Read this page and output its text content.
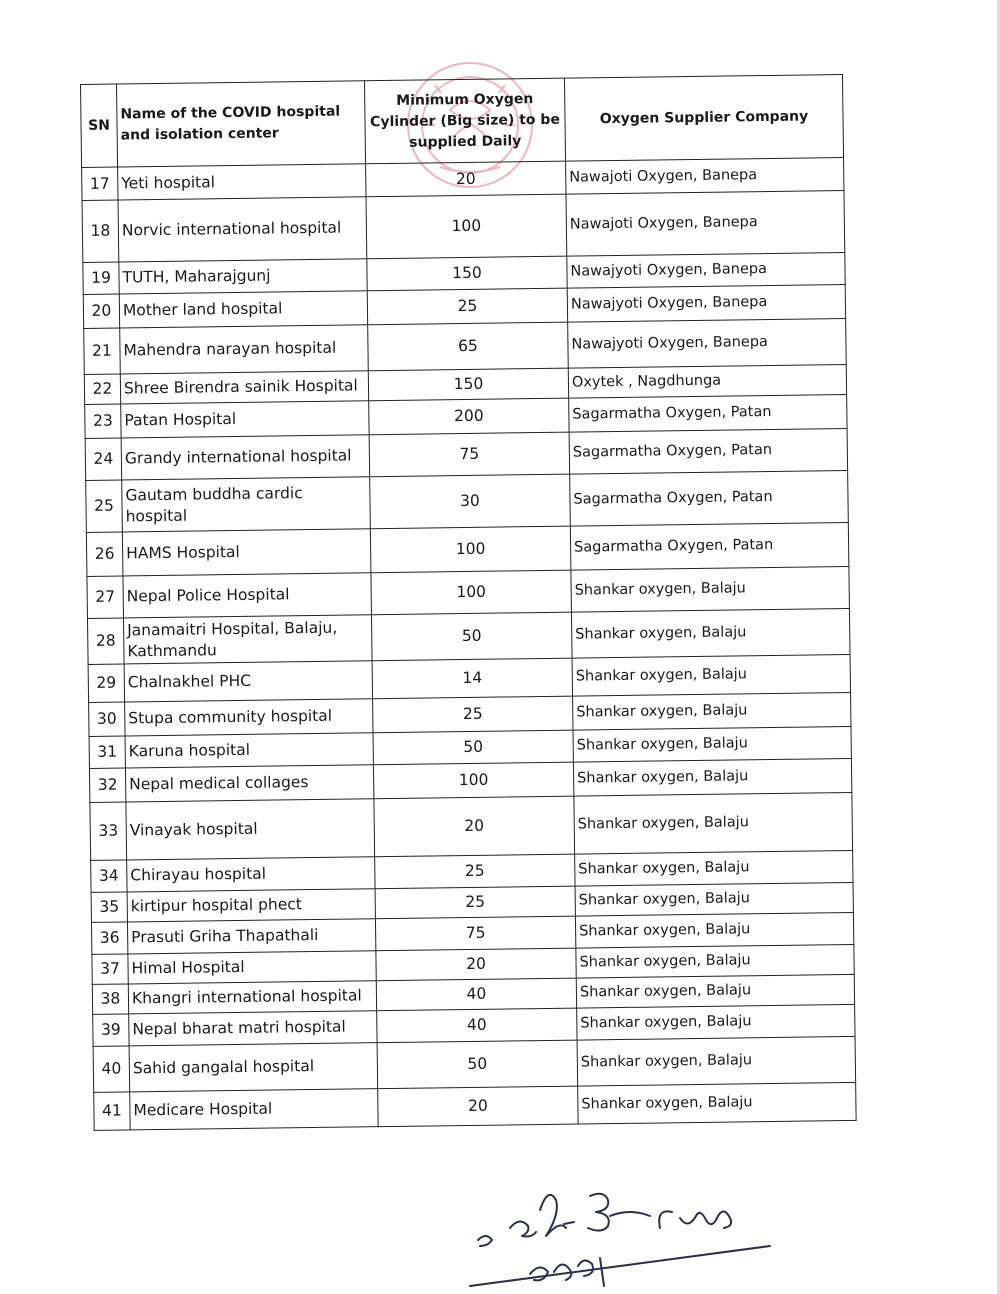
SN	Name of the COVID hospital and isolation center	Minimum Oxygen Cylinder (Big size) to be supplied Daily	Oxygen Supplier Company
17	Yeti hospital	20	Nawajoti Oxygen, Banepa
18	Norvic international hospital	100	Nawajoti Oxygen, Banepa
19	TUTH, Maharajgunj	150	Nawajyoti Oxygen, Banepa
20	Mother land hospital	25	Nawajyoti Oxygen, Banepa
21	Mahendra narayan hospital	65	Nawajyoti Oxygen, Banepa
22	Shree Birendra sainik Hospital	150	Oxytek , Nagdhunga
23	Patan Hospital	200	Sagarmatha Oxygen, Patan
24	Grandy international hospital	75	Sagarmatha Oxygen, Patan
25	Gautam buddha cardic hospital	30	Sagarmatha Oxygen, Patan
26	HAMS Hospital	100	Sagarmatha Oxygen, Patan
27	Nepal Police Hospital	100	Shankar oxygen, Balaju
28	Janamaitri Hospital, Balaju, Kathmandu	50	Shankar oxygen, Balaju
29	Chalnakhel PHC	14	Shankar oxygen, Balaju
30	Stupa community hospital	25	Shankar oxygen, Balaju
31	Karuna hospital	50	Shankar oxygen, Balaju
32	Nepal medical collages	100	Shankar oxygen, Balaju
33	Vinayak hospital	20	Shankar oxygen, Balaju
34	Chirayau hospital	25	Shankar oxygen, Balaju
35	kirtipur hospital phect	25	Shankar oxygen, Balaju
36	Prasuti Griha Thapathali	75	Shankar oxygen, Balaju
37	Himal Hospital	20	Shankar oxygen, Balaju
38	Khangri international hospital	40	Shankar oxygen, Balaju
39	Nepal bharat matri hospital	40	Shankar oxygen, Balaju
40	Sahid gangalal hospital	50	Shankar oxygen, Balaju
41	Medicare Hospital	20	Shankar oxygen, Balaju
